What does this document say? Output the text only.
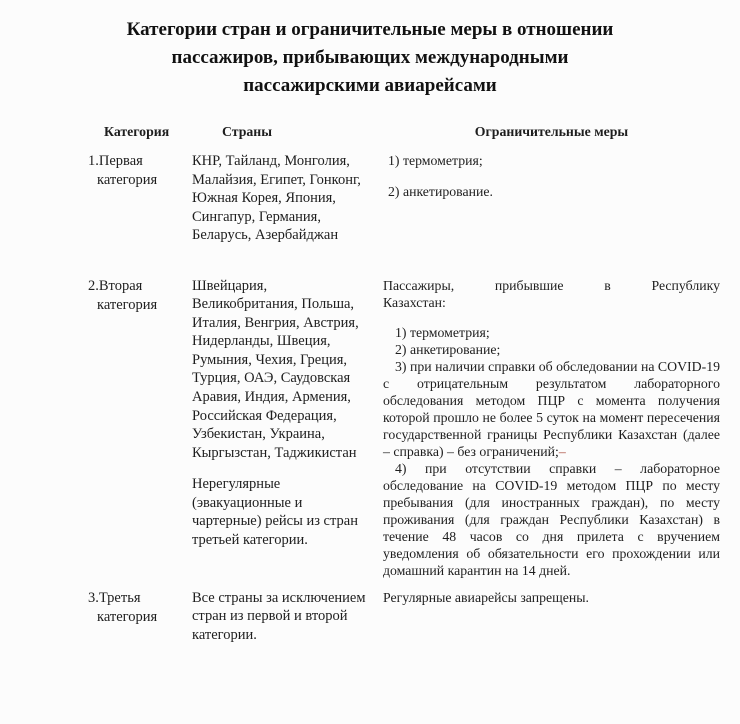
Категории стран и ограничительные меры в отношении
пассажиров, прибывающих международными
пассажирскими авиарейсами
Категория	Страны	Ограничительные меры
1.Первая категория

КНР, Тайланд, Монголия, Малайзия, Египет, Гонконг, Южная Корея, Япония, Сингапур, Германия, Беларусь, Азербайджан

1) термометрия;

2) анкетирование.

2.Вторая категория

Швейцария, Великобритания, Польша, Италия, Венгрия, Австрия, Нидерланды, Швеция, Румыния, Чехия, Греция, Турция, ОАЭ, Саудовская Аравия, Индия, Армения, Российская Федерация, Узбекистан, Украина, Кыргызстан, Таджикистан

Нерегулярные (эвакуационные и чартерные) рейсы из стран третьей категории.

Пассажиры, прибывшие в Республику

Казахстан:

1) термометрия;

2) анкетирование;

3) при наличии справки об обследовании на COVID-19 с отрицательным результатом лабораторного обследования методом ПЦР с момента получения которой прошло не более 5 суток на момент пересечения государственной границы Республики Казахстан (далее – справка) – без ограничений;–

4) при отсутствии справки – лабораторное обследование на COVID-19 методом ПЦР по месту пребывания (для иностранных граждан), по месту проживания (для граждан Республики Казахстан) в течение 48 часов со дня прилета с вручением уведомления об обязательности его прохождении или домашний карантин на 14 дней.

3.Третья категория

Все страны за исключением стран из первой и второй категории.

Регулярные авиарейсы запрещены.
